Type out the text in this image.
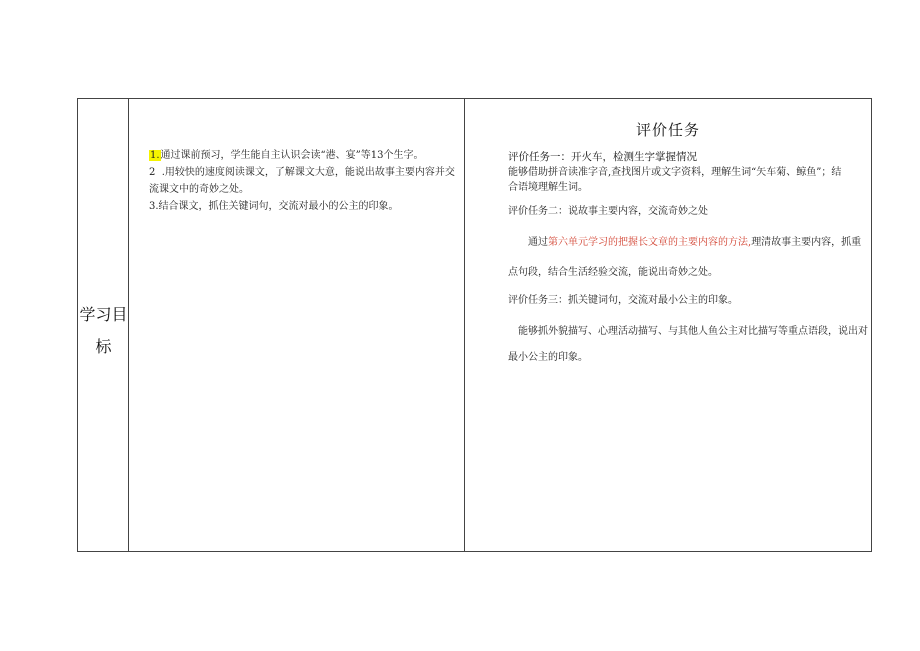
学习目标

1.通过课前预习，学生能自主认识会读“港、宴”等13个生字。

2 .用较快的速度阅读课文，了解课文大意，能说出故事主要内容并交流课文中的奇妙之处。

3.结合课文，抓住关键词句，交流对最小的公主的印象。

评价任务

评价任务一：开火车，检测生字掌握情况

能够借助拼音读准字音,查找图片或文字资料，理解生词“矢车菊、鲸鱼”；结合语境理解生词。

评价任务二：说故事主要内容，交流奇妙之处

通过第六单元学习的把握长文章的主要内容的方法,理清故事主要内容，抓重点句段，结合生活经验交流，能说出奇妙之处。

评价任务三：抓关键词句，交流对最小公主的印象。

能够抓外貌描写、心理活动描写、与其他人鱼公主对比描写等重点语段，说出对最小公主的印象。
